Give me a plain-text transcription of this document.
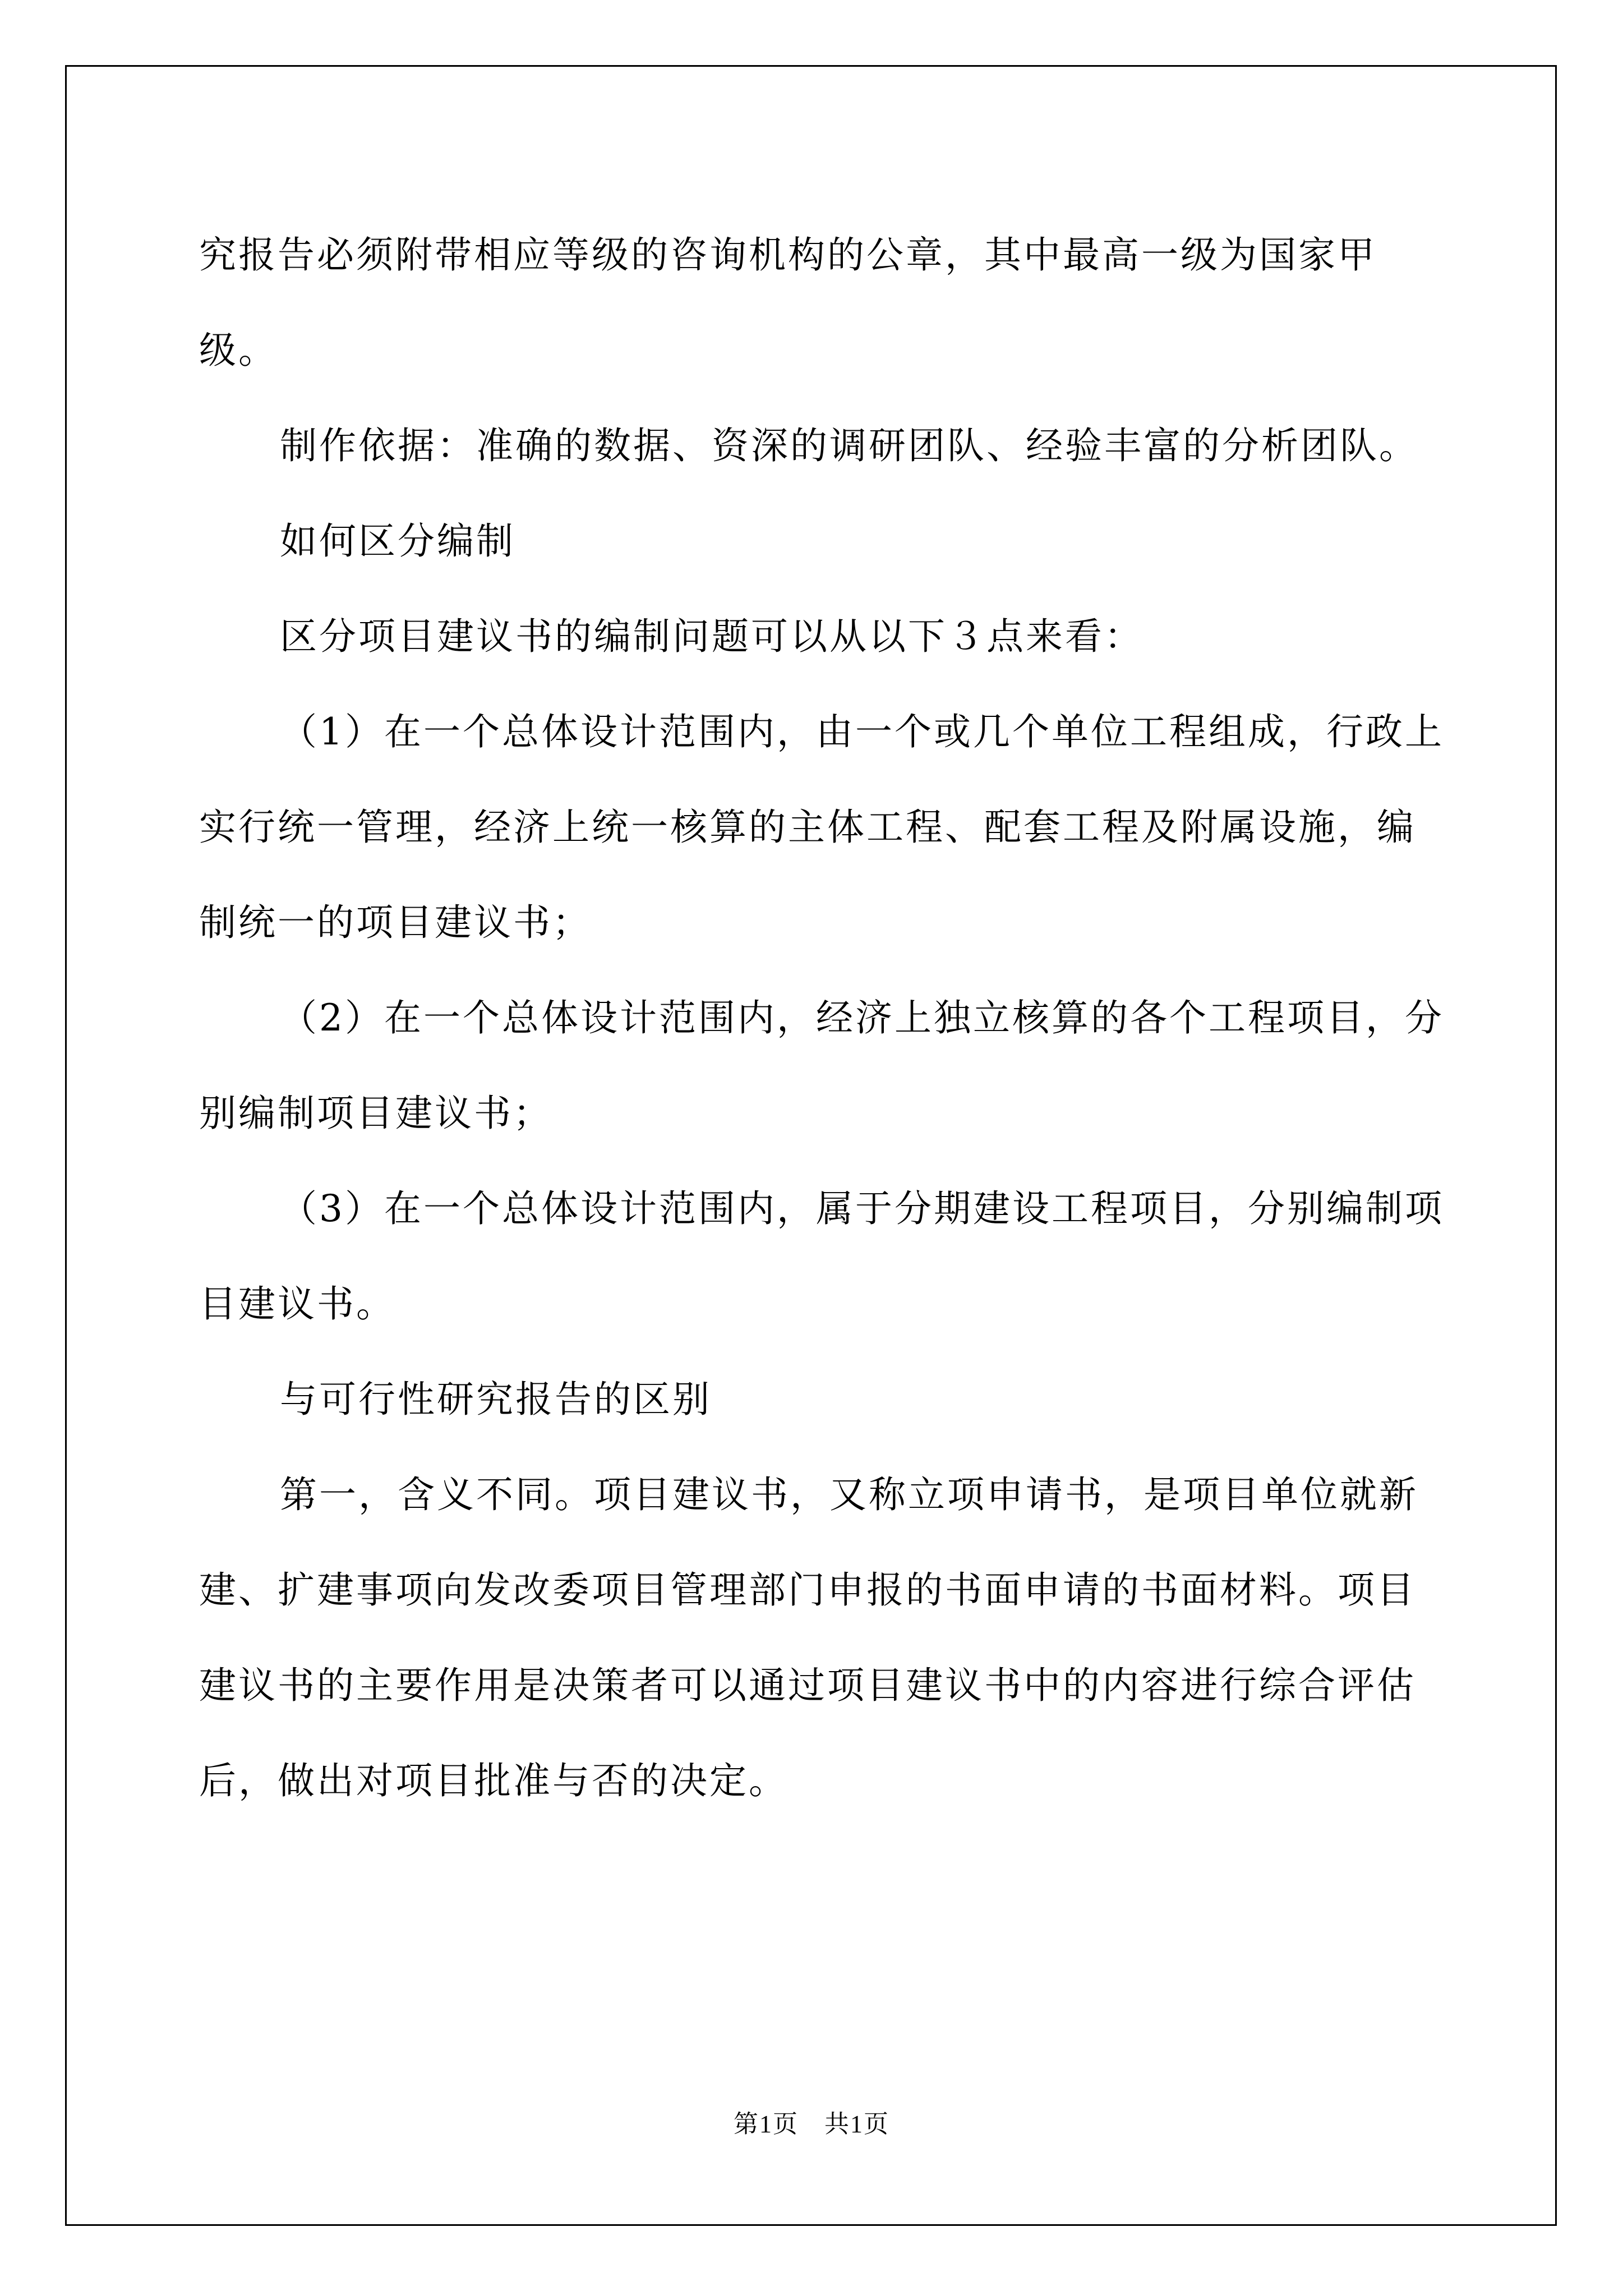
究报告必须附带相应等级的咨询机构的公章，其中最高一级为国家甲级。

制作依据：准确的数据、资深的调研团队、经验丰富的分析团队。

如何区分编制

区分项目建议书的编制问题可以从以下３点来看：

（1）在一个总体设计范围内，由一个或几个单位工程组成，行政上实行统一管理，经济上统一核算的主体工程、配套工程及附属设施，编制统一的项目建议书；

（2）在一个总体设计范围内，经济上独立核算的各个工程项目，分别编制项目建议书；

（3）在一个总体设计范围内，属于分期建设工程项目，分别编制项目建议书。

与可行性研究报告的区别

第一，含义不同。项目建议书，又称立项申请书，是项目单位就新建、扩建事项向发改委项目管理部门申报的书面申请的书面材料。项目建议书的主要作用是决策者可以通过项目建议书中的内容进行综合评估后，做出对项目批准与否的决定。

第1页　共1页
